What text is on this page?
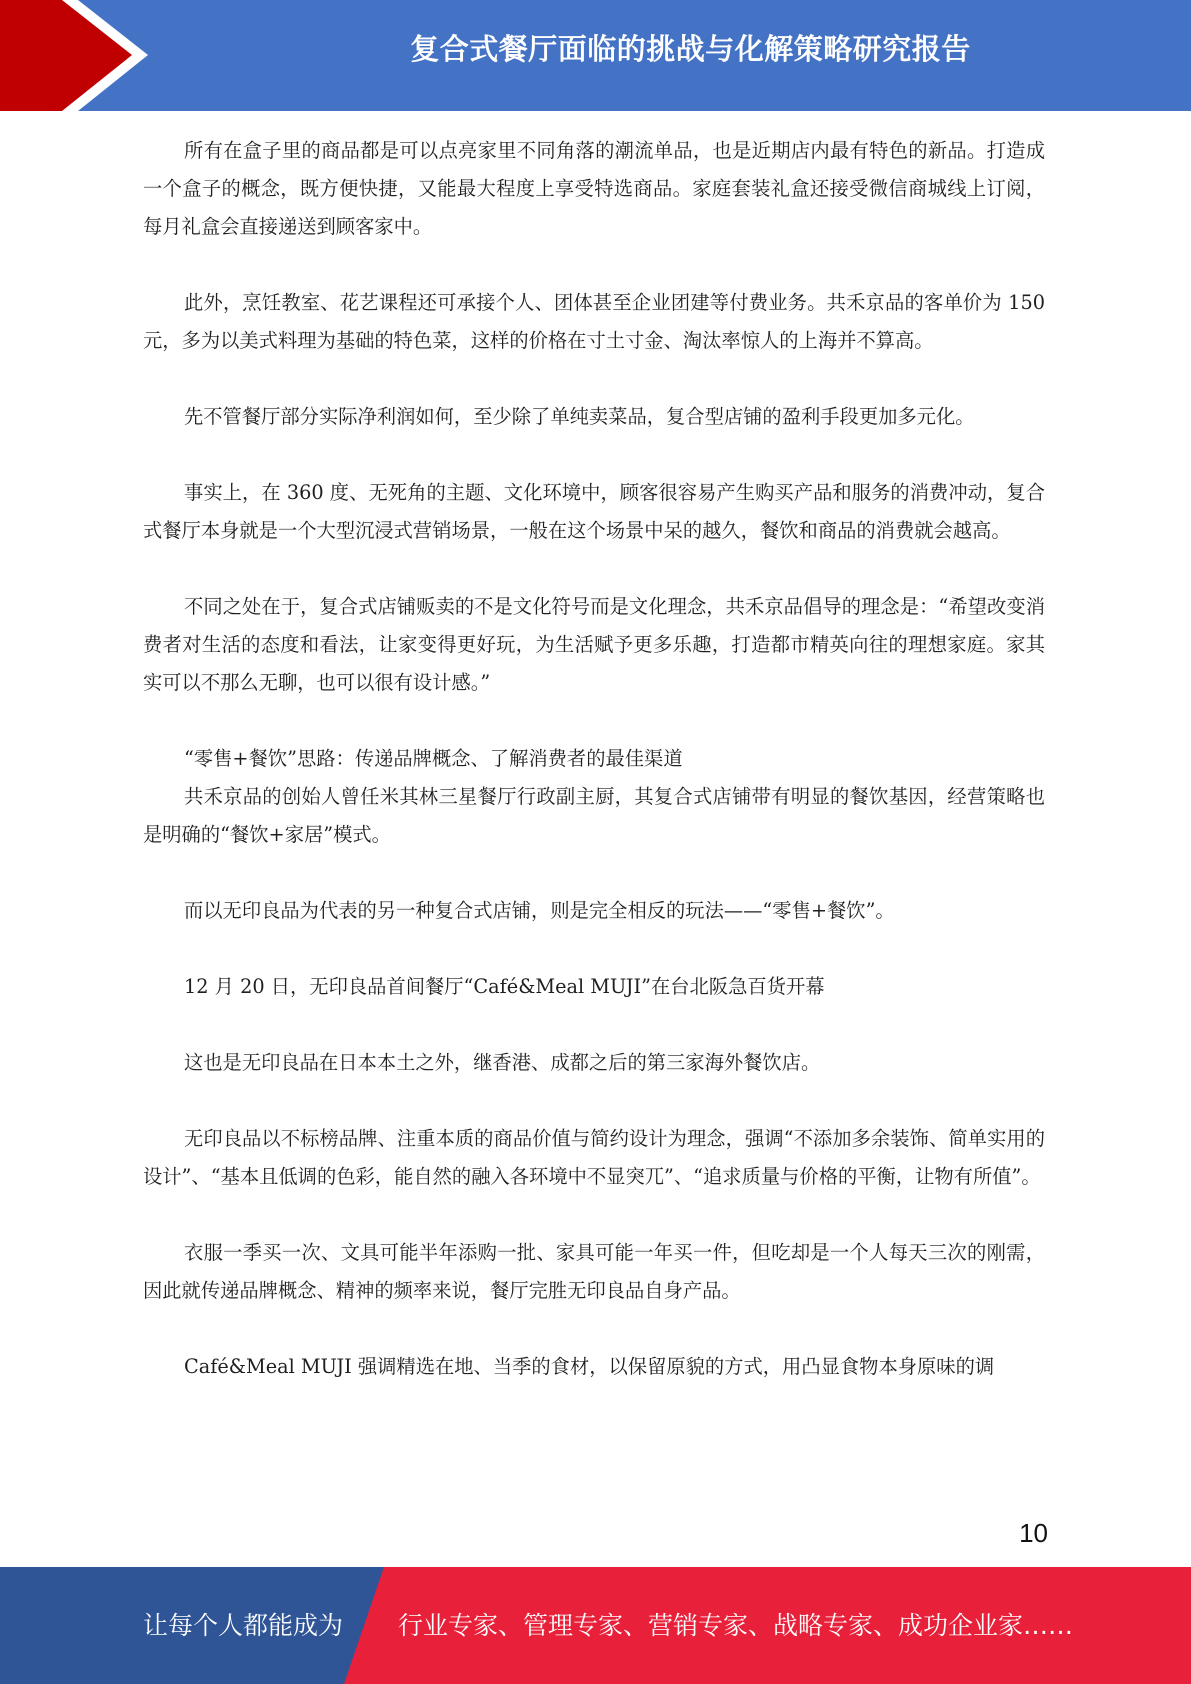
复合式餐厅面临的挑战与化解策略研究报告

所有在盒子里的商品都是可以点亮家里不同角落的潮流单品，也是近期店内最有特色的新品。打造成一个盒子的概念，既方便快捷，又能最大程度上享受特选商品。家庭套装礼盒还接受微信商城线上订阅，每月礼盒会直接递送到顾客家中。

此外，烹饪教室、花艺课程还可承接个人、团体甚至企业团建等付费业务。共禾京品的客单价为 150 元，多为以美式料理为基础的特色菜，这样的价格在寸土寸金、淘汰率惊人的上海并不算高。

先不管餐厅部分实际净利润如何，至少除了单纯卖菜品，复合型店铺的盈利手段更加多元化。

事实上，在 360 度、无死角的主题、文化环境中，顾客很容易产生购买产品和服务的消费冲动，复合式餐厅本身就是一个大型沉浸式营销场景，一般在这个场景中呆的越久，餐饮和商品的消费就会越高。

不同之处在于，复合式店铺贩卖的不是文化符号而是文化理念，共禾京品倡导的理念是：“希望改变消费者对生活的态度和看法，让家变得更好玩，为生活赋予更多乐趣，打造都市精英向往的理想家庭。家其实可以不那么无聊，也可以很有设计感。”

“零售+餐饮”思路：传递品牌概念、了解消费者的最佳渠道

共禾京品的创始人曾任米其林三星餐厅行政副主厨，其复合式店铺带有明显的餐饮基因，经营策略也是明确的“餐饮+家居”模式。

而以无印良品为代表的另一种复合式店铺，则是完全相反的玩法——“零售+餐饮”。

12 月 20 日，无印良品首间餐厅“Café&Meal MUJI”在台北阪急百货开幕

这也是无印良品在日本本土之外，继香港、成都之后的第三家海外餐饮店。

无印良品以不标榜品牌、注重本质的商品价值与简约设计为理念，强调“不添加多余装饰、简单实用的设计”、“基本且低调的色彩，能自然的融入各环境中不显突兀”、“追求质量与价格的平衡，让物有所值”。

衣服一季买一次、文具可能半年添购一批、家具可能一年买一件，但吃却是一个人每天三次的刚需，因此就传递品牌概念、精神的频率来说，餐厅完胜无印良品自身产品。

Café&Meal MUJI 强调精选在地、当季的食材，以保留原貌的方式，用凸显食物本身原味的调

10
让每个人都能成为 行业专家、管理专家、营销专家、战略专家、成功企业家……
